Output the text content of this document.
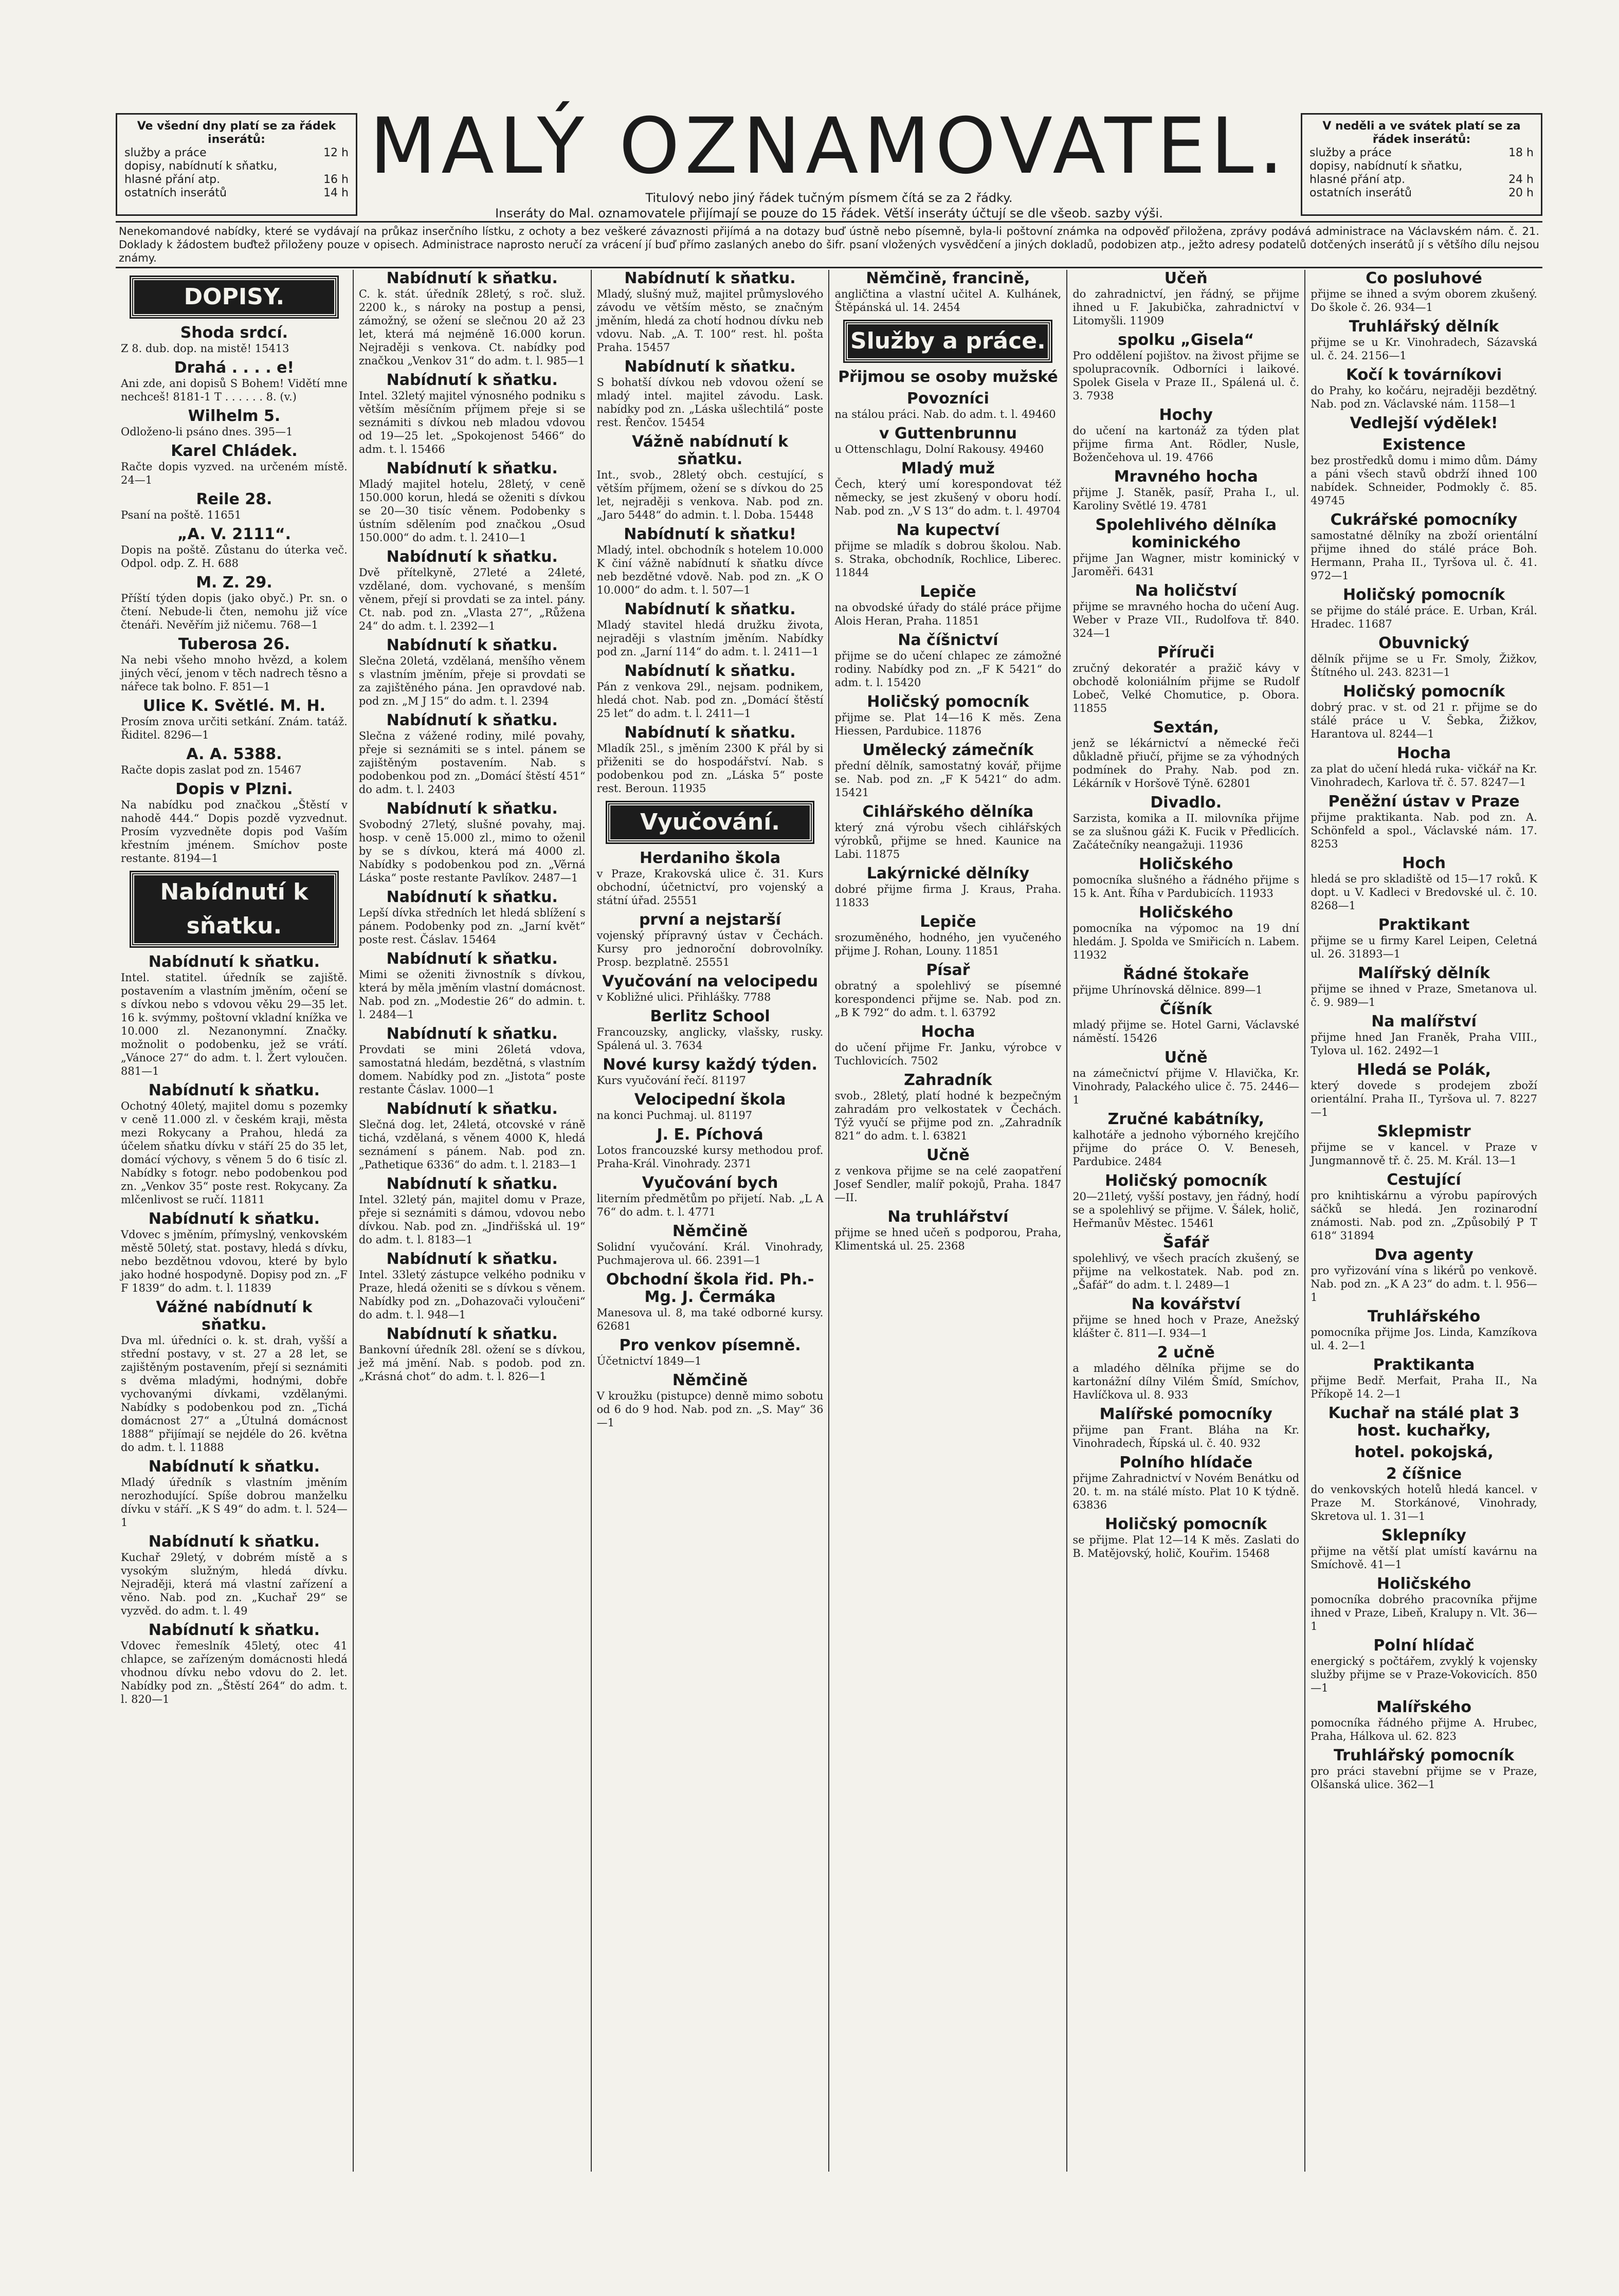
Ve všední dny platí se za řádek inserátů:
služby a práce	12 h
dopisy, nabídnutí k sňatku,
hlasné přání atp.	16 h
ostatních inserátů	14 h
MALÝ OZNAMOVATEL.
Titulový nebo jiný řádek tučným písmem čítá se za 2 řádky.
Inseráty do Mal. oznamovatele přijímají se pouze do 15 řádek. Větší inseráty účtují se dle všeob. sazby výši.
V neděli a ve svátek platí se za řádek inserátů:
služby a práce	18 h
dopisy, nabídnutí k sňatku,
hlasné přání atp.	24 h
ostatních inserátů	20 h
Nenekomandové nabídky, které se vydávají na průkaz inserčního lístku, z ochoty a bez veškeré závaznosti přijímá a na dotazy buď ústně nebo písemně, byla-li poštovní známka na odpověď přiložena, zprávy podává administrace na Václavském nám. č. 21. Doklady k žádostem buďtež přiloženy pouze v opisech. Administrace naprosto neručí za vrácení jí buď přímo zaslaných anebo do šifr. psaní vložených vysvědčení a jiných dokladů, podobizen atp., ježto adresy podatelů dotčených inserátů jí s většího dílu nejsou známy.
DOPISY.
Shoda srdcí.
Z 8. dub. dop. na mistě! 15413
Drahá . . . . e!
Ani zde, ani dopisů S Bohem! Vidětí mne nechceš! 8181-1 T . . . . . . 8. (v.)
Wilhelm 5.
Odloženo-li psáno dnes. 395—1
Karel Chládek.
Račte dopis vyzved. na určeném místě. 24—1
Reile 28.
Psaní na poště. 11651
„A. V. 2111“.
Dopis na poště. Zůstanu do úterka več. Odpol. odp. Z. H. 688
M. Z. 29.
Příští týden dopis (jako obyč.) Pr. sn. o čtení. Nebude-li čten, nemohu již více čtenáři. Nevěřím již ničemu. 768—1
Tuberosa 26.
Na nebi všeho mnoho hvězd, a kolem jiných věcí, jenom v těch nadrech těsno a nářece tak bolno. F. 851—1
Ulice K. Světlé. M. H.
Prosím znova určiti setkání. Znám. tatáž. Řiditel. 8296—1
A. A. 5388.
Račte dopis zaslat pod zn. 15467
Dopis v Plzni.
Na nabídku pod značkou „Štěstí v nahodě 444.“ Dopis pozdě vyzvednut. Prosím vyzvedněte dopis pod Vaším křestním jménem. Smíchov poste restante. 8194—1
Nabídnutí k sňatku.
Nabídnutí k sňatku.
Intel. statitel. úředník se zajiště. postavením a vlastním jměním, očení se s dívkou nebo s vdovou věku 29—35 let. 16 k. svýmmy, poštovní vkladní knížka ve 10.000 zl. Nezanonymní. Značky. možnolit o podobenku, jež se vrátí. „Vánoce 27“ do adm. t. l. Žert vyloučen. 881—1
Nabídnutí k sňatku.
Ochotný 40letý, majitel domu s pozemky v ceně 11.000 zl. v českém kraji, města mezi Rokycany a Prahou, hledá za účelem sňatku dívku v stáří 25 do 35 let, domácí výchovy, s věnem 5 do 6 tisíc zl. Nabídky s fotogr. nebo podobenkou pod zn. „Venkov 35“ poste rest. Rokycany. Za mlčenlivost se ručí. 11811
Nabídnutí k sňatku.
Vdovec s jměním, přímyslný, venkovském městě 50letý, stat. postavy, hledá s dívku, nebo bezdětnou vdovou, které by bylo jako hodné hospodyně. Dopisy pod zn. „F F 1839“ do adm. t. l. 11839
Vážné nabídnutí k sňatku.
Dva ml. úředníci o. k. st. drah, vyšší a střední postavy, v st. 27 a 28 let, se zajištěným postavením, přejí si seznámiti s dvěma mladými, hodnými, dobře vychovanými dívkami, vzdělanými. Nabídky s podobenkou pod zn. „Tichá domácnost 27“ a „Útulná domácnost 1888“ přijímají se nejdéle do 26. května do adm. t. l. 11888
Nabídnutí k sňatku.
Mladý úředník s vlastním jměním nerozhodující. Spíše dobrou manželku dívku v stáří. „K S 49“ do adm. t. l. 524—1
Nabídnutí k sňatku.
Kuchař 29letý, v dobrém místě a s vysokým služným, hledá dívku. Nejraději, která má vlastní zařízení a věno. Nab. pod zn. „Kuchař 29“ se vyzvěd. do adm. t. l. 49
Nabídnutí k sňatku.
Vdovec řemeslník 45letý, otec 41 chlapce, se zařízeným domácnosti hledá vhodnou dívku nebo vdovu do 2. let. Nabídky pod zn. „Štěstí 264“ do adm. t. l. 820—1
Nabídnutí k sňatku.
C. k. stát. úředník 28letý, s roč. služ. 2200 k., s nároky na postup a pensi, zámožný, se ožení se slečnou 20 až 23 let, která má nejméně 16.000 korun. Nejraději s venkova. Ct. nabídky pod značkou „Venkov 31“ do adm. t. l. 985—1
Nabídnutí k sňatku.
Intel. 32letý majitel výnosného podniku s větším měsíčním příjmem přeje si se seznámiti s dívkou neb mladou vdovou od 19—25 let. „Spokojenost 5466“ do adm. t. l. 15466
Nabídnutí k sňatku.
Mladý majitel hotelu, 28letý, v ceně 150.000 korun, hledá se oženiti s dívkou se 20—30 tisíc věnem. Podobenky s ústním sdělením pod značkou „Osud 150.000“ do adm. t. l. 2410—1
Nabídnutí k sňatku.
Dvě přítelkyně, 27leté a 24leté, vzdělané, dom. vychované, s menším věnem, přejí si provdati se za intel. pány. Ct. nab. pod zn. „Vlasta 27“, „Růžena 24“ do adm. t. l. 2392—1
Nabídnutí k sňatku.
Slečna 20letá, vzdělaná, menšího věnem s vlastním jměním, přeje si provdati se za zajištěného pána. Jen opravdové nab. pod zn. „M J 15“ do adm. t. l. 2394
Nabídnutí k sňatku.
Slečna z vážené rodiny, milé povahy, přeje si seznámiti se s intel. pánem se zajištěným postavením. Nab. s podobenkou pod zn. „Domácí štěstí 451“ do adm. t. l. 2403
Nabídnutí k sňatku.
Svobodný 27letý, slušné povahy, maj. hosp. v ceně 15.000 zl., mimo to oženil by se s dívkou, která má 4000 zl. Nabídky s podobenkou pod zn. „Věrná Láska“ poste restante Pavlíkov. 2487—1
Nabídnutí k sňatku.
Lepší dívka středních let hledá sblížení s pánem. Podobenky pod zn. „Jarní květ“ poste rest. Čáslav. 15464
Nabídnutí k sňatku.
Mimi se oženiti živnostník s dívkou, která by měla jměním vlastní domácnost. Nab. pod zn. „Modestie 26“ do admin. t. l. 2484—1
Nabídnutí k sňatku.
Provdati se mini 26letá vdova, samostatná hledám, bezdětná, s vlastním domem. Nabídky pod zn. „Jistota“ poste restante Čáslav. 1000—1
Nabídnutí k sňatku.
Slečná dog. let, 24letá, otcovské v ráně tichá, vzdělaná, s věnem 4000 K, hledá seznámení s pánem. Nab. pod zn. „Pathetique 6336“ do adm. t. l. 2183—1
Nabídnutí k sňatku.
Intel. 32letý pán, majitel domu v Praze, přeje si seznámiti s dámou, vdovou nebo dívkou. Nab. pod zn. „Jindřišská ul. 19“ do adm. t. l. 8183—1
Nabídnutí k sňatku.
Intel. 33letý zástupce velkého podniku v Praze, hledá oženiti se s dívkou s věnem. Nabídky pod zn. „Dohazovači vyloučeni“ do adm. t. l. 948—1
Nabídnutí k sňatku.
Bankovní úředník 28l. ožení se s dívkou, jež má jmění. Nab. s podob. pod zn. „Krásná chot“ do adm. t. l. 826—1
Nabídnutí k sňatku.
Mladý, slušný muž, majitel průmyslového závodu ve větším město, se značným jměním, hledá za chotí hodnou dívku neb vdovu. Nab. „A. T. 100“ rest. hl. pošta Praha. 15457
Nabídnutí k sňatku.
S bohatší dívkou neb vdovou ožení se mladý intel. majitel závodu. Lask. nabídky pod zn. „Láska ušlechtilá“ poste rest. Řenčov. 15454
Vážně nabídnutí k sňatku.
Int., svob., 28letý obch. cestující, s větším příjmem, ožení se s dívkou do 25 let, nejraději s venkova. Nab. pod zn. „Jaro 5448“ do admin. t. l. Doba. 15448
Nabídnutí k sňatku!
Mladý, intel. obchodník s hotelem 10.000 K činí vážně nabídnutí k sňatku dívce neb bezdětné vdově. Nab. pod zn. „K O 10.000“ do adm. t. l. 507—1
Nabídnutí k sňatku.
Mladý stavitel hledá družku života, nejraději s vlastním jměním. Nabídky pod zn. „Jarní 114“ do adm. t. l. 2411—1
Nabídnutí k sňatku.
Pán z venkova 29l., nejsam. podnikem, hledá chot. Nab. pod zn. „Domácí štěstí 25 let“ do adm. t. l. 2411—1
Nabídnutí k sňatku.
Mladík 25l., s jměním 2300 K přál by si přiženiti se do hospodářství. Nab. s podobenkou pod zn. „Láska 5“ poste rest. Beroun. 11935
Vyučování.
Herdaniho škola
v Praze, Krakovská ulice č. 31. Kurs obchodní, účetnictví, pro vojenský a státní úřad. 25551
první a nejstarší
vojenský přípravný ústav v Čechách. Kursy pro jednoroční dobrovolníky. Prosp. bezplatně. 25551
Vyučování na velocipedu
v Kobližné ulici. Přihlášky. 7788
Berlitz School
Francouzsky, anglicky, vlašsky, rusky. Spálená ul. 3. 7634
Nové kursy každý týden.
Kurs vyučování řečí. 81197
Velocipední škola
na konci Puchmaj. ul. 81197
J. E. Píchová
Lotos francouzské kursy methodou prof. Praha-Král. Vinohrady. 2371
Vyučování bych
literním předmětům po přijetí. Nab. „L A 76“ do adm. t. l. 4771
Němčině
Solidní vyučování. Král. Vinohrady, Puchmajerova ul. 66. 2391—1
Obchodní škola řid. Ph.-Mg. J. Čermáka
Manesova ul. 8, ma také odborné kursy. 62681
Pro venkov písemně.
Účetnictví 1849—1
Němčině
V kroužku (pistupce) denně mimo sobotu od 6 do 9 hod. Nab. pod zn. „S. May“ 36—1
Němčině, francině,
angličtina a vlastní učitel A. Kulhánek, Štěpánská ul. 14. 2454
Služby a práce.
Přijmou se osoby mužské
Povozníci
na stálou práci. Nab. do adm. t. l. 49460
v Guttenbrunnu
u Ottenschlagu, Dolní Rakousy. 49460
Mladý muž
Čech, který umí korespondovat též německy, se jest zkušený v oboru hodí. Nab. pod zn. „V S 13“ do adm. t. l. 49704
Na kupectví
přijme se mladík s dobrou školou. Nab. s. Straka, obchodník, Rochlice, Liberec. 11844
Lepiče
na obvodské úřady do stálé práce přijme Alois Heran, Praha. 11851
Na číšnictví
přijme se do učení chlapec ze zámožné rodiny. Nabídky pod zn. „F K 5421“ do adm. t. l. 15420
Holičský pomocník
přijme se. Plat 14—16 K měs. Zena Hiessen, Pardubice. 11876
Umělecký zámečník
přední dělník, samostatný kovář, přijme se. Nab. pod zn. „F K 5421“ do adm. 15421
Cihlářského dělníka
který zná výrobu všech cihlářských výrobků, přijme se hned. Kaunice na Labi. 11875
Lakýrnické dělníky
dobré přijme firma J. Kraus, Praha. 11833
Lepiče
srozuměného, hodného, jen vyučeného přijme J. Rohan, Louny. 11851
Písař
obratný a spolehlivý se písemné korespondenci přijme se. Nab. pod zn. „B K 792“ do adm. t. l. 63792
Hocha
do učení přijme Fr. Janku, výrobce v Tuchlovicích. 7502
Zahradník
svob., 28letý, platí hodné k bezpečným zahradám pro velkostatek v Čechách. Týž vyučí se přijme pod zn. „Zahradník 821“ do adm. t. l. 63821
Učně
z venkova přijme se na celé zaopatření Josef Sendler, malíř pokojů, Praha. 1847—II.
Na truhlářství
přijme se hned učeň s podporou, Praha, Klimentská ul. 25. 2368
Učeň
do zahradnictví, jen řádný, se přijme ihned u F. Jakubička, zahradnictví v Litomyšli. 11909
spolku „Gisela“
Pro oddělení pojištov. na živost přijme se spolupracovník. Odborníci i laikové. Spolek Gisela v Praze II., Spálená ul. č. 3. 7938
Hochy
do učení na kartonáž za týden plat přijme firma Ant. Rödler, Nusle, Boženčehova ul. 19. 4766
Mravného hocha
přijme J. Staněk, pasíř, Praha I., ul. Karoliny Světlé 19. 4781
Spolehlivého dělníka kominického
přijme Jan Wagner, mistr kominický v Jaroměři. 6431
Na holičství
přijme se mravného hocha do učení Aug. Weber v Praze VII., Rudolfova tř. 840. 324—1
Příruči
zručný dekoratér a pražič kávy v obchodě koloniálním přijme se Rudolf Lobeč, Velké Chomutice, p. Obora. 11855
Sextán,
jenž se lékárnictví a německé řeči důkladně přiučí, přijme se za výhodných podmínek do Prahy. Nab. pod zn. Lékárník v Horšově Týně. 62801
Divadlo.
Sarzista, komika a II. milovníka přijme se za slušnou gáži K. Fucik v Předlicích. Začátečníky neangažuji. 11936
Holičského
pomocníka slušného a řádného přijme s 15 k. Ant. Říha v Pardubicích. 11933
Holičského
pomocníka na výpomoc na 19 dní hledám. J. Spolda ve Smiřicích n. Labem. 11932
Řádné štokaře
přijme Uhrínovská dělnice. 899—1
Číšník
mladý přijme se. Hotel Garni, Václavské náměstí. 15426
Učně
na zámečnictví přijme V. Hlavička, Kr. Vinohrady, Palackého ulice č. 75. 2446—1
Zručné kabátníky,
kalhotáře a jednoho výborného krejčího přijme do práce O. V. Beneseh, Pardubice. 2484
Holičský pomocník
20—21letý, vyšší postavy, jen řádný, hodí se a spolehlivý se přijme. V. Šálek, holič, Heřmanův Městec. 15461
Šafář
spolehlivý, ve všech pracích zkušený, se přijme na velkostatek. Nab. pod zn. „Šafář“ do adm. t. l. 2489—1
Na kovářství
přijme se hned hoch v Praze, Anežský klášter č. 811—I. 934—1
2 učně
a mladého dělníka přijme se do kartonážní dílny Vilém Šmíd, Smíchov, Havlíčkova ul. 8. 933
Malířské pomocníky
přijme pan Frant. Bláha na Kr. Vinohradech, Řípská ul. č. 40. 932
Polního hlídače
přijme Zahradnictví v Novém Benátku od 20. t. m. na stálé místo. Plat 10 K týdně. 63836
Holičský pomocník
se přijme. Plat 12—14 K měs. Zaslati do B. Matějovský, holič, Kouřim. 15468
Co posluhové
přijme se ihned a svým oborem zkušený. Do škole č. 26. 934—1
Truhlářský dělník
přijme se u Kr. Vinohradech, Sázavská ul. č. 24. 2156—1
Kočí k továrníkovi
do Prahy, ko kočáru, nejraději bezdětný. Nab. pod zn. Václavské nám. 1158—1
Vedlejší výdělek!
Existence
bez prostředků domu i mimo dům. Dámy a páni všech stavů obdrží ihned 100 nabídek. Schneider, Podmokly č. 85. 49745
Cukrářské pomocníky
samostatné dělníky na zboží orientální přijme ihned do stálé práce Boh. Hermann, Praha II., Tyršova ul. č. 41. 972—1
Holičský pomocník
se přijme do stálé práce. E. Urban, Král. Hradec. 11687
Obuvnický
dělník přijme se u Fr. Smoly, Žižkov, Štítného ul. 243. 8231—1
Holičský pomocník
dobrý prac. v st. od 21 r. přijme se do stálé práce u V. Šebka, Žižkov, Harantova ul. 8244—1
Hocha
za plat do učení hledá ruka- vičkář na Kr. Vinohradech, Karlova tř. č. 57. 8247—1
Peněžní ústav v Praze
přijme praktikanta. Nab. pod zn. A. Schönfeld a spol., Václavské nám. 17. 8253
Hoch
hledá se pro skladiště od 15—17 roků. K dopt. u V. Kadleci v Bredovské ul. č. 10. 8268—1
Praktikant
přijme se u firmy Karel Leipen, Celetná ul. 26. 31893—1
Malířský dělník
přijme se ihned v Praze, Smetanova ul. č. 9. 989—1
Na malířství
přijme hned Jan Franěk, Praha VIII., Tylova ul. 162. 2492—1
Hledá se Polák,
který dovede s prodejem zboží orientální. Praha II., Tyršova ul. 7. 8227—1
Sklepmistr
přijme se v kancel. v Praze v Jungmannově tř. č. 25. M. Král. 13—1
Cestující
pro knihtiskárnu a výrobu papírových sáčků se hledá. Jen rozinarodní známosti. Nab. pod zn. „Způsobilý P T 618“ 31894
Dva agenty
pro vyřizování vína s likérů po venkově. Nab. pod zn. „K A 23“ do adm. t. l. 956—1
Truhlářského
pomocníka přijme Jos. Linda, Kamzíkova ul. 4. 2—1
Praktikanta
přijme Bedř. Merfait, Praha II., Na Příkopě 14. 2—1
Kuchař na stálé plat 3 host. kuchařky,
hotel. pokojská,
2 číšnice
do venkovských hotelů hledá kancel. v Praze M. Storkánové, Vinohrady, Skretova ul. 1. 31—1
Sklepníky
přijme na větší plat umístí kavárnu na Smíchově. 41—1
Holičského
pomocníka dobrého pracovníka přijme ihned v Praze, Libeň, Kralupy n. Vlt. 36—1
Polní hlídač
energický s počtářem, zvyklý k vojensky služby přijme se v Praze-Vokovicích. 850—1
Malířského
pomocníka řádného přijme A. Hrubec, Praha, Hálkova ul. 62. 823
Truhlářský pomocník
pro práci stavební přijme se v Praze, Olšanská ulice. 362—1
